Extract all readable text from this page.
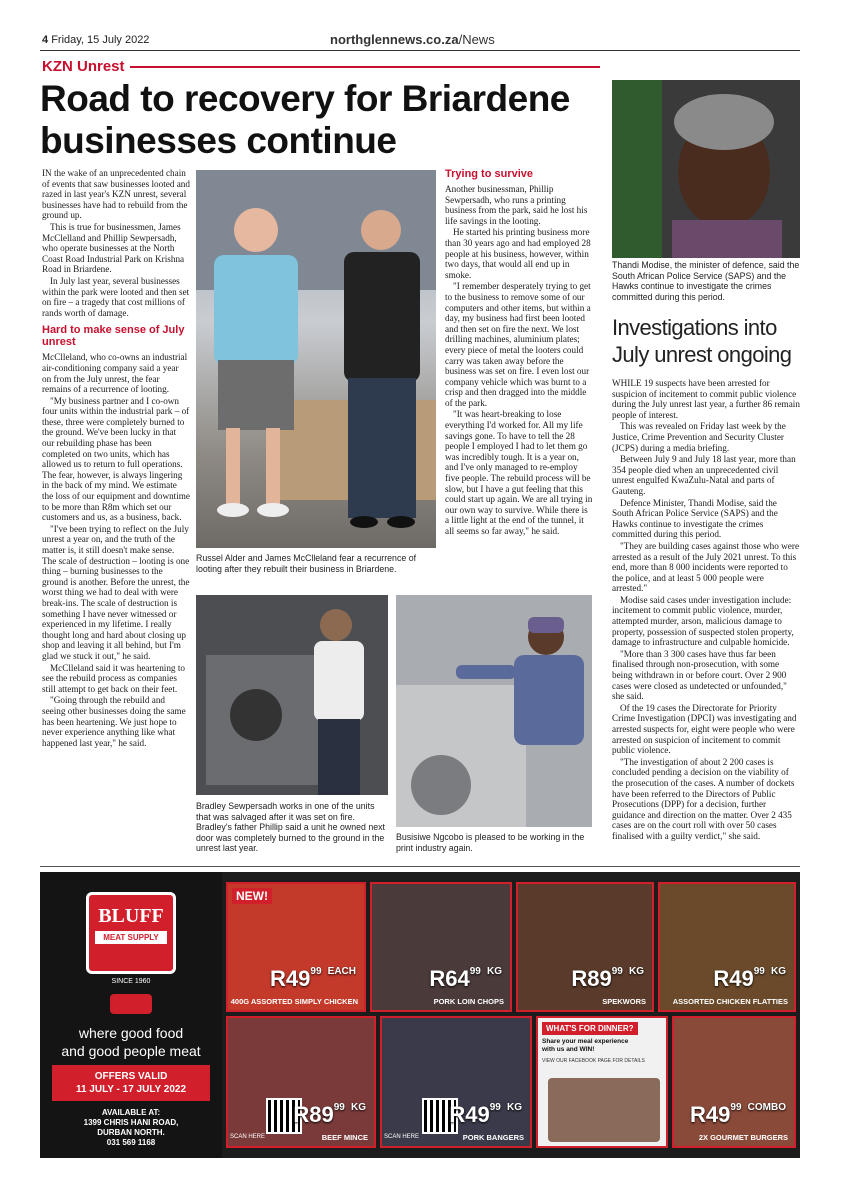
4 Friday, 15 July 2022	northglennews.co.za/News
KZN Unrest
Road to recovery for Briardene businesses continue

IN the wake of an unprecedented chain of events that saw businesses looted and razed in last year's KZN unrest, several businesses have had to rebuild from the ground up.

This is true for businessmen, James McClelland and Phillip Sewpersadh, who operate businesses at the North Coast Road Industrial Park on Krishna Road in Briardene.

In July last year, several businesses within the park were looted and then set on fire – a tragedy that cost millions of rands worth of damage.

Hard to make sense of July unrest

McClleland, who co-owns an industrial air-conditioning company said a year on from the July unrest, the fear remains of a recurrence of looting.

"My business partner and I co-own four units within the industrial park – of these, three were completely burned to the ground. We've been lucky in that our rebuilding phase has been completed on two units, which has allowed us to return to full operations. The fear, however, is always lingering in the back of my mind. We estimate the loss of our equipment and downtime to be more than R8m which set our customers and us, as a business, back.

"I've been trying to reflect on the July unrest a year on, and the truth of the matter is, it still doesn't make sense. The scale of destruction – looting is one thing – burning businesses to the ground is another. Before the unrest, the worst thing we had to deal with were break-ins. The scale of destruction is something I have never witnessed or experienced in my lifetime. I really thought long and hard about closing up shop and leaving it all behind, but I'm glad we stuck it out," he said.

McClleland said it was heartening to see the rebuild process as companies still attempt to get back on their feet.

"Going through the rebuild and seeing other businesses doing the same has been heartening. We just hope to never experience anything like what happened last year," he said.

Russel Alder and James McClleland fear a recurrence of looting after they rebuilt their business in Briardene.
Trying to survive

Another businessman, Phillip Sewpersadh, who runs a printing business from the park, said he lost his life savings in the looting.

He started his printing business more than 30 years ago and had employed 28 people at his business, however, within two days, that would all end up in smoke.

"I remember desperately trying to get to the business to remove some of our computers and other items, but within a day, my business had first been looted and then set on fire the next. We lost drilling machines, aluminium plates; every piece of metal the looters could carry was taken away before the business was set on fire. I even lost our company vehicle which was burnt to a crisp and then dragged into the middle of the park.

"It was heart-breaking to lose everything I'd worked for. All my life savings gone. To have to tell the 28 people I employed I had to let them go was incredibly tough. It is a year on, and I've only managed to re-employ five people. The rebuild process will be slow, but I have a gut feeling that this could start up again. We are all trying in our own way to survive. While there is a little light at the end of the tunnel, it all seems so far away," he said.

Bradley Sewpersadh works in one of the units that was salvaged after it was set on fire. Bradley's father Phillip said a unit he owned next door was completely burned to the ground in the unrest last year.
Busisiwe Ngcobo is pleased to be working in the print industry again.
Thandi Modise, the minister of defence, said the South African Police Service (SAPS) and the Hawks continue to investigate the crimes committed during this period.
Investigations into July unrest ongoing

WHILE 19 suspects have been arrested for suspicion of incitement to commit public violence during the July unrest last year, a further 86 remain people of interest.

This was revealed on Friday last week by the Justice, Crime Prevention and Security Cluster (JCPS) during a media briefing.

Between July 9 and July 18 last year, more than 354 people died when an unprecedented civil unrest engulfed KwaZulu-Natal and parts of Gauteng.

Defence Minister, Thandi Modise, said the South African Police Service (SAPS) and the Hawks continue to investigate the crimes committed during this period.

"They are building cases against those who were arrested as a result of the July 2021 unrest. To this end, more than 8 000 incidents were reported to the police, and at least 5 000 people were arrested."

Modise said cases under investigation include: incitement to commit public violence, murder, attempted murder, arson, malicious damage to property, possession of suspected stolen property, damage to infrastructure and culpable homicide.

"More than 3 300 cases have thus far been finalised through non-prosecution, with some being withdrawn in or before court. Over 2 900 cases were closed as undetected or unfounded," she said.

Of the 19 cases the Directorate for Priority Crime Investigation (DPCI) was investigating and arrested suspects for, eight were people who were arrested on suspicion of incitement to commit public violence.

"The investigation of about 2 200 cases is concluded pending a decision on the viability of the prosecution of the cases. A number of dockets have been referred to the Directors of Public Prosecutions (DPP) for a decision, further guidance and direction on the matter. Over 2 435 cases are on the court roll with over 50 cases finalised with a guilty verdict," she said.

BLUFF
MEAT SUPPLY
SINCE 1960
where good food
and good people meat
OFFERS VALID
11 JULY - 17 JULY 2022
AVAILABLE AT:
1399 CHRIS HANI ROAD,
DURBAN NORTH.
031 569 1168
NEW!
$R49^{99}$ $^{EACH}$
400G ASSORTED SIMPLY CHICKEN
$R64^{99}$ $^{KG}$
PORK LOIN CHOPS
$R89^{99}$ $^{KG}$
SPEKWORS
$R49^{99}$ $^{KG}$
ASSORTED CHICKEN FLATTIES
SCAN HERE
$R89^{99}$ $^{KG}$
BEEF MINCE	SCAN HERE
$R49^{99}$ $^{KG}$
PORK BANGERS
WHAT'S FOR DINNER?
Share your meal experience with us and WIN!
VIEW OUR FACEBOOK PAGE FOR DETAILS
$R49^{99}$ $^{COMBO}$
2X GOURMET BURGERS
